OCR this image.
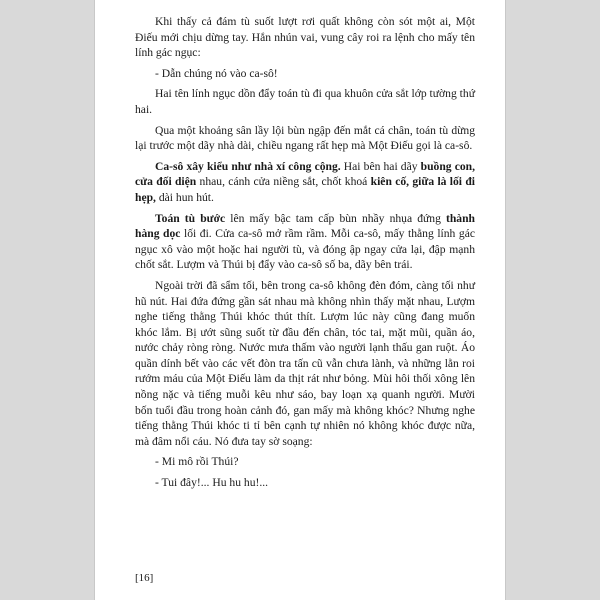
Khi thấy cả đám tù suốt lượt rơi quất không còn sót một ai, Một Điếu mới chịu dừng tay. Hắn nhún vai, vung cây roi ra lệnh cho mấy tên lính gác ngục:

- Dẫn chúng nó vào ca-sô!

Hai tên lính ngục dồn đẩy toán tù đi qua khuôn cửa sắt lớp tường thứ hai.

Qua một khoảng sân lầy lội bùn ngập đến mắt cá chân, toán tù dừng lại trước một dãy nhà dài, chiều ngang rất hẹp mà Một Điếu gọi là ca-sô.

Ca-sô xây kiểu như nhà xí công cộng. Hai bên hai dãy buồng con, cửa đối diện nhau, cánh cửa niềng sắt, chốt khoá kiên cố, giữa là lối đi hẹp, dài hun hút.

Toán tù bước lên mấy bậc tam cấp bùn nhầy nhụa đứng thành hàng dọc lối đi. Cửa ca-sô mở rầm rầm. Mỗi ca-sô, mấy thằng lính gác ngục xô vào một hoặc hai người tù, và đóng ập ngay cửa lại, đập mạnh chốt sắt. Lượm và Thúi bị đẩy vào ca-sô số ba, dãy bên trái.

Ngoài trời đã sẩm tối, bên trong ca-sô không đèn đóm, càng tối như hũ nút. Hai đứa đứng gần sát nhau mà không nhìn thấy mặt nhau, Lượm nghe tiếng thằng Thúi khóc thút thít. Lượm lúc này cũng đang muốn khóc lắm. Bị ướt sũng suốt từ đầu đến chân, tóc tai, mặt mũi, quần áo, nước chảy ròng ròng. Nước mưa thấm vào người lạnh thấu gan ruột. Áo quần dính bết vào các vết đòn tra tấn cũ vẫn chưa lành, và những lằn roi rướm máu của Một Điếu làm da thịt rát như bỏng. Mùi hôi thối xông lên nồng nặc và tiếng muỗi kêu như sáo, bay loạn xạ quanh người. Mười bốn tuổi đầu trong hoàn cảnh đó, gan mấy mà không khóc? Nhưng nghe tiếng thằng Thúi khóc ti tỉ bên cạnh tự nhiên nó không khóc được nữa, mà đâm nổi cáu. Nó đưa tay sờ soạng:

- Mi mô rồi Thúi?

- Tui đây!... Hu hu hu!...

[16]
